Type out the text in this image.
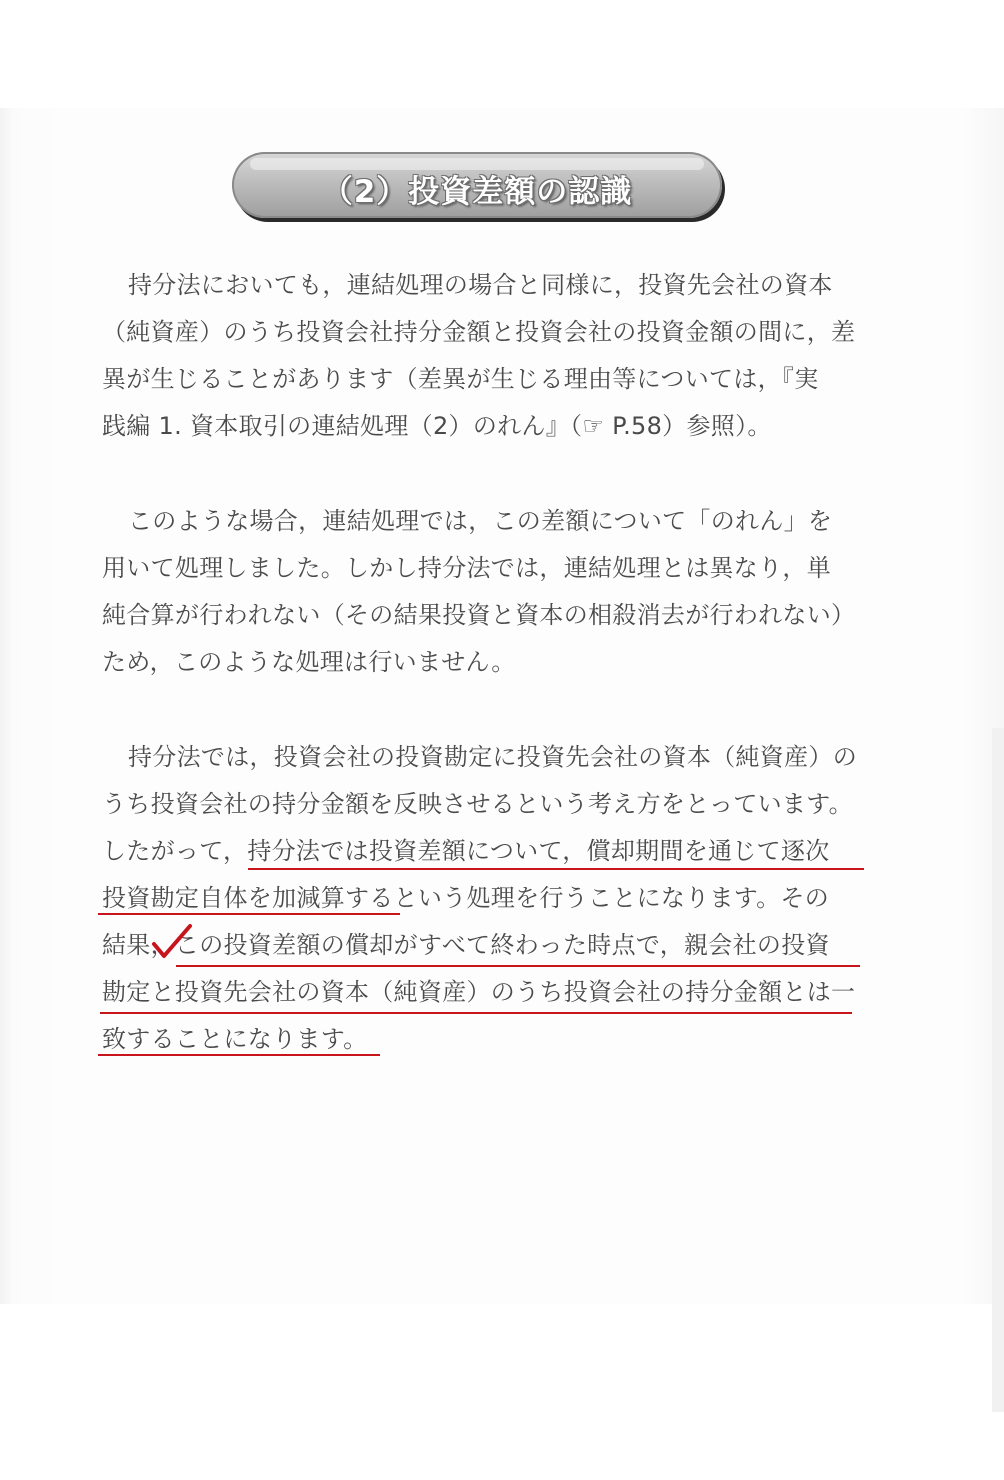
（2）投資差額の認識

持分法においても，連結処理の場合と同様に，投資先会社の資本
（純資産）のうち投資会社持分金額と投資会社の投資金額の間に，差
異が生じることがあります（差異が生じる理由等については，『実
践編 1. 資本取引の連結処理（2）のれん』（☞ P.58）参照）。

このような場合，連結処理では，この差額について「のれん」を
用いて処理しました。しかし持分法では，連結処理とは異なり，単
純合算が行われない（その結果投資と資本の相殺消去が行われない）
ため，このような処理は行いません。

持分法では，投資会社の投資勘定に投資先会社の資本（純資産）の
うち投資会社の持分金額を反映させるという考え方をとっています。
したがって，持分法では投資差額について，償却期間を通じて逐次
投資勘定自体を加減算するという処理を行うことになります。その
結果，この投資差額の償却がすべて終わった時点で，親会社の投資
勘定と投資先会社の資本（純資産）のうち投資会社の持分金額とは一
致することになります。
